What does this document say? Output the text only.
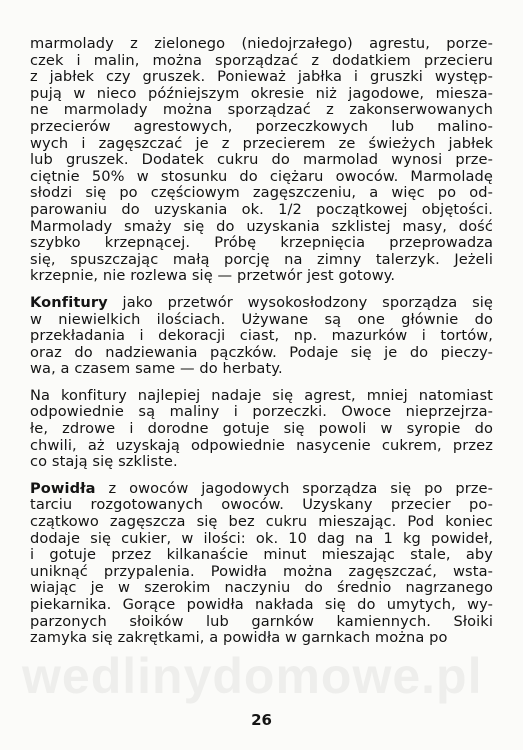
marmolady z zielonego (niedojrzałego) agrestu, porze-
czek i malin, można sporządzać z dodatkiem przecieru
z jabłek czy gruszek. Ponieważ jabłka i gruszki występ-
pują w nieco późniejszym okresie niż jagodowe, miesza-
ne marmolady można sporządzać z zakonserwowanych
przecierów agrestowych, porzeczkowych lub malino-
wych i zagęszczać je z przecierem ze świeżych jabłek
lub gruszek. Dodatek cukru do marmolad wynosi prze-
ciętnie 50% w stosunku do ciężaru owoców. Marmoladę
słodzi się po częściowym zagęszczeniu, a więc po od-
parowaniu do uzyskania ok. 1/2 początkowej objętości.
Marmolady smaży się do uzyskania szklistej masy, dość
szybko krzepnącej. Próbę krzepnięcia przeprowadza
się, spuszczając małą porcję na zimny talerzyk. Jeżeli
krzepnie, nie rozlewa się — przetwór jest gotowy.
Konfitury jako przetwór wysokosłodzony sporządza się
w niewielkich ilościach. Używane są one głównie do
przekładania i dekoracji ciast, np. mazurków i tortów,
oraz do nadziewania pączków. Podaje się je do pieczy-
wa, a czasem same — do herbaty.
Na konfitury najlepiej nadaje się agrest, mniej natomiast
odpowiednie są maliny i porzeczki. Owoce nieprzejrza-
łe, zdrowe i dorodne gotuje się powoli w syropie do
chwili, aż uzyskają odpowiednie nasycenie cukrem, przez
co stają się szkliste.
Powidła z owoców jagodowych sporządza się po prze-
tarciu rozgotowanych owoców. Uzyskany przecier po-
czątkowo zagęszcza się bez cukru mieszając. Pod koniec
dodaje się cukier, w ilości: ok. 10 dag na 1 kg powideł,
i gotuje przez kilkanaście minut mieszając stale, aby
uniknąć przypalenia. Powidła można zagęszczać, wsta-
wiając je w szerokim naczyniu do średnio nagrzanego
piekarnika. Gorące powidła nakłada się do umytych, wy-
parzonych słoików lub garnków kamiennych. Słoiki
zamyka się zakrętkami, a powidła w garnkach można po
wedlinydomowe.pl
26
